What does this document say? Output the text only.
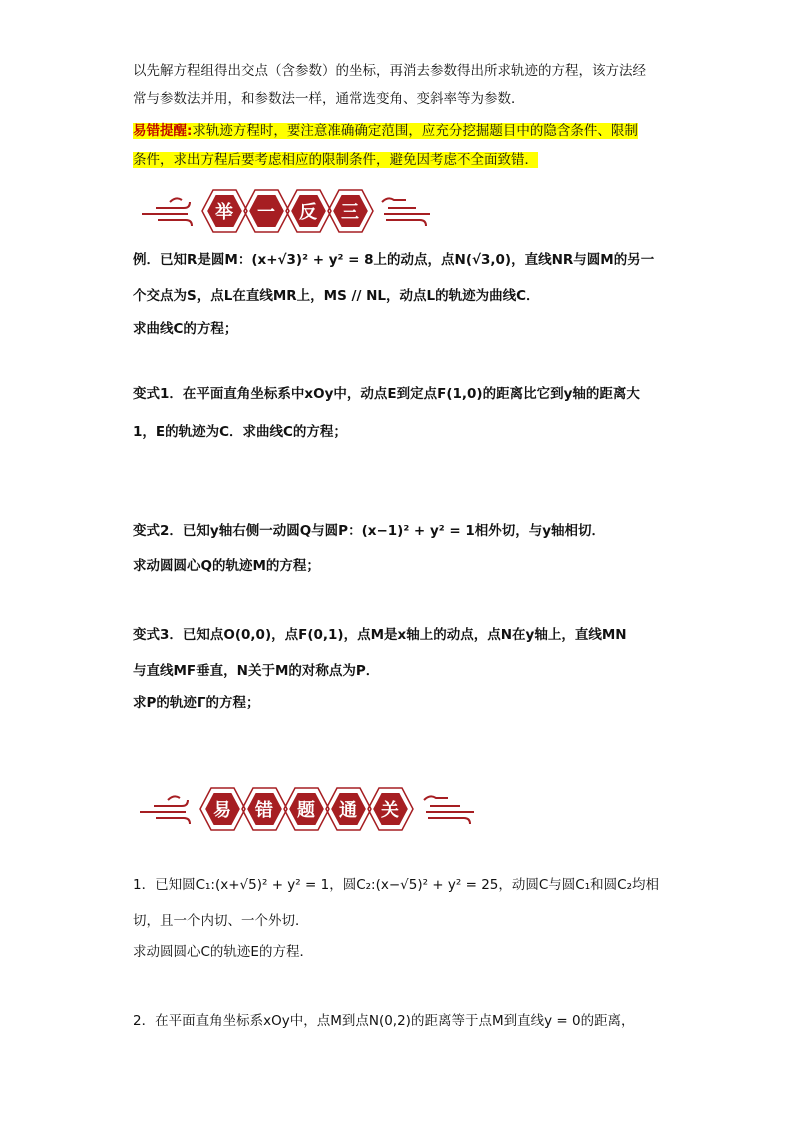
以先解方程组得出交点（含参数）的坐标，再消去参数得出所求轨迹的方程，该方法经
常与参数法并用，和参数法一样，通常选变角、变斜率等为参数．
易错提醒:求轨迹方程时，要注意准确确定范围，应充分挖掘题目中的隐含条件、限制
条件，求出方程后要考虑相应的限制条件，避免因考虑不全面致错．
举 一 反 三
例．已知R是圆M：(x+√3)² + y² = 8上的动点，点N(√3,0)，直线NR与圆M的另一
个交点为S，点L在直线MR上，MS // NL，动点L的轨迹为曲线C．
求曲线C的方程；
变式1．在平面直角坐标系中xOy中，动点E到定点F(1,0)的距离比它到y轴的距离大
1，E的轨迹为C．求曲线C的方程；
变式2．已知y轴右侧一动圆Q与圆P：(x−1)² + y² = 1相外切，与y轴相切．
求动圆圆心Q的轨迹M的方程；
变式3．已知点O(0,0)，点F(0,1)，点M是x轴上的动点，点N在y轴上，直线MN
与直线MF垂直，N关于M的对称点为P．
求P的轨迹Γ的方程；
易 错 题 通 关
1．已知圆C₁:(x+√5)² + y² = 1，圆C₂:(x−√5)² + y² = 25，动圆C与圆C₁和圆C₂均相
切，且一个内切、一个外切．
求动圆圆心C的轨迹E的方程．
2．在平面直角坐标系xOy中，点M到点N(0,2)的距离等于点M到直线y = 0的距离，
